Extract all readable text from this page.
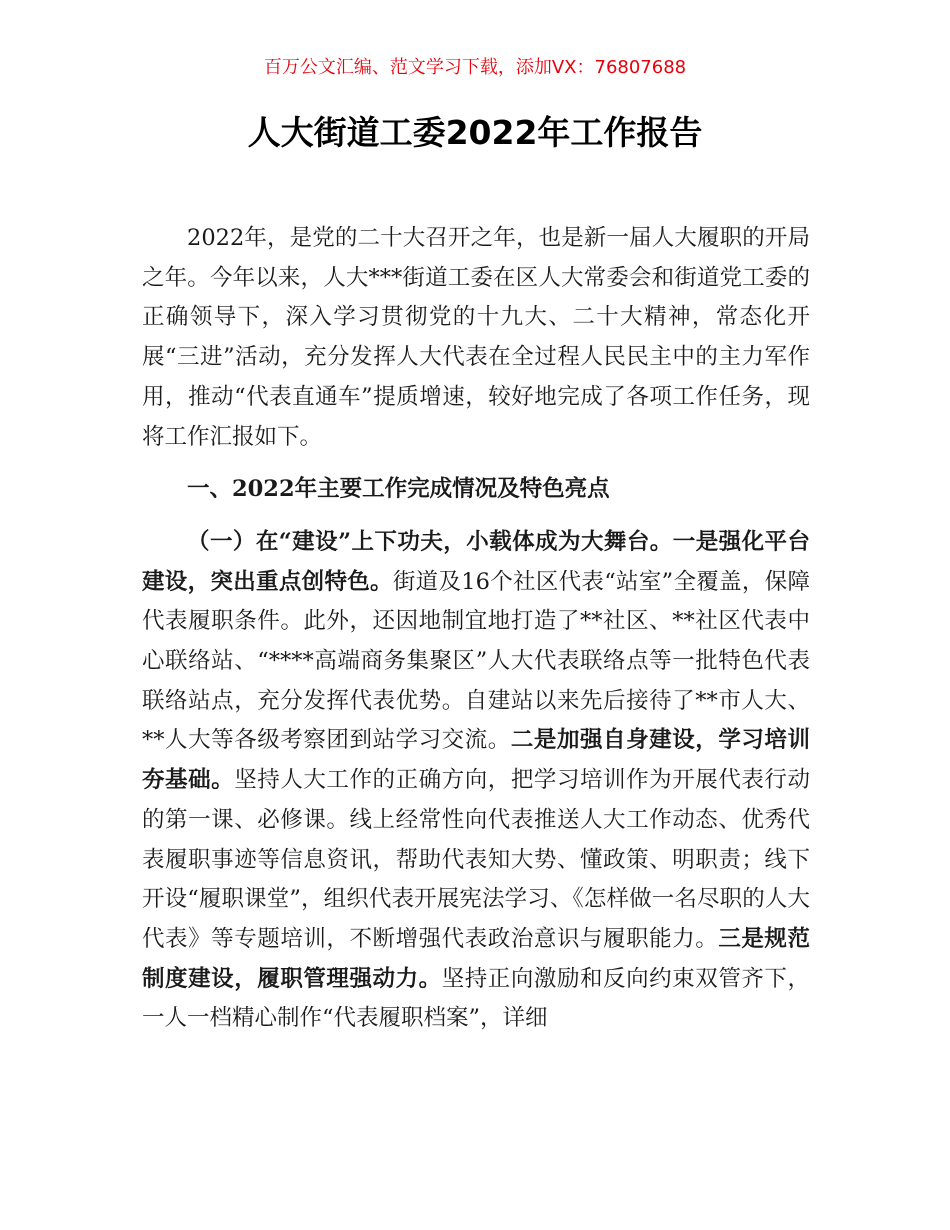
百万公文汇编、范文学习下载，添加VX：76807688
人大街道工委2022年工作报告

2022年，是党的二十大召开之年，也是新一届人大履职的开局之年。今年以来，人大***街道工委在区人大常委会和街道党工委的正确领导下，深入学习贯彻党的十九大、二十大精神，常态化开展“三进”活动，充分发挥人大代表在全过程人民民主中的主力军作用，推动“代表直通车”提质增速，较好地完成了各项工作任务，现将工作汇报如下。

一、2022年主要工作完成情况及特色亮点

（一）在“建设”上下功夫，小载体成为大舞台。一是强化平台建设，突出重点创特色。街道及16个社区代表“站室”全覆盖，保障代表履职条件。此外，还因地制宜地打造了**社区、**社区代表中心联络站、“****高端商务集聚区”人大代表联络点等一批特色代表联络站点，充分发挥代表优势。自建站以来先后接待了**市人大、**人大等各级考察团到站学习交流。二是加强自身建设，学习培训夯基础。坚持人大工作的正确方向，把学习培训作为开展代表行动的第一课、必修课。线上经常性向代表推送人大工作动态、优秀代表履职事迹等信息资讯，帮助代表知大势、懂政策、明职责；线下开设“履职课堂”，组织代表开展宪法学习、《怎样做一名尽职的人大代表》等专题培训，不断增强代表政治意识与履职能力。三是规范制度建设，履职管理强动力。坚持正向激励和反向约束双管齐下，一人一档精心制作“代表履职档案”，详细
